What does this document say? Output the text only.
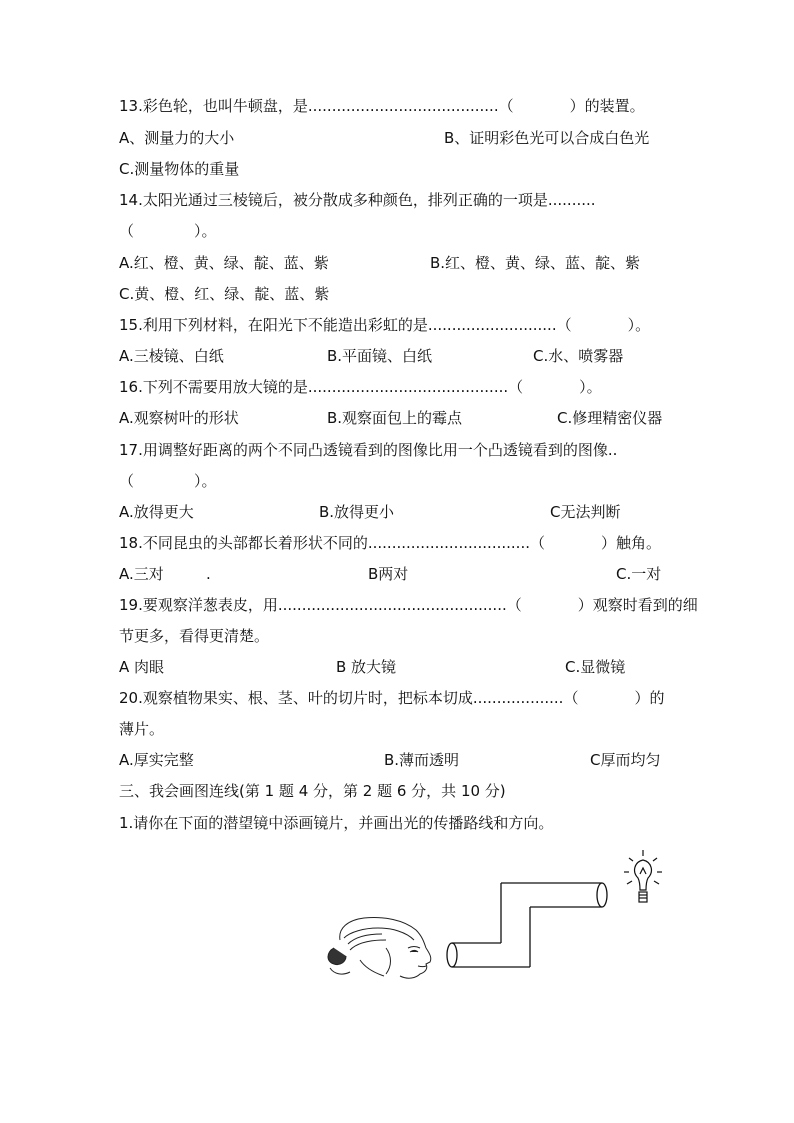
13.彩色轮，也叫牛顿盘，是........................................（	）的装置。
A、测量力的大小	B、证明彩色光可以合成白色光
C.测量物体的重量
14.太阳光通过三棱镜后，被分散成多种颜色，排列正确的一项是..........
（　　　　）。
A.红、橙、黄、绿、靛、蓝、紫	B.红、橙、黄、绿、蓝、靛、紫
C.黄、橙、红、绿、靛、蓝、紫
15.利用下列材料，在阳光下不能造出彩虹的是...........................（	）。
A.三棱镜、白纸	B.平面镜、白纸	C.水、喷雾器
16.下列不需要用放大镜的是..........................................（	）。
A.观察树叶的形状	B.观察面包上的霉点	C.修理精密仪器
17.用调整好距离的两个不同凸透镜看到的图像比用一个凸透镜看到的图像..
（　　　　）。
A.放得更大	B.放得更小	C无法判断
18.不同昆虫的头部都长着形状不同的..................................（	）触角。
A.三对	.	B两对	C.一对
19.要观察洋葱表皮，用................................................（	）观察时看到的细
节更多，看得更清楚。
A 肉眼	B 放大镜	C.显微镜
20.观察植物果实、根、茎、叶的切片时，把标本切成...................（	）的
薄片。
A.厚实完整	B.薄而透明	C厚而均匀
三、我会画图连线(第 1 题 4 分，第 2 题 6 分，共 10 分)
1.请你在下面的潜望镜中添画镜片，并画出光的传播路线和方向。
